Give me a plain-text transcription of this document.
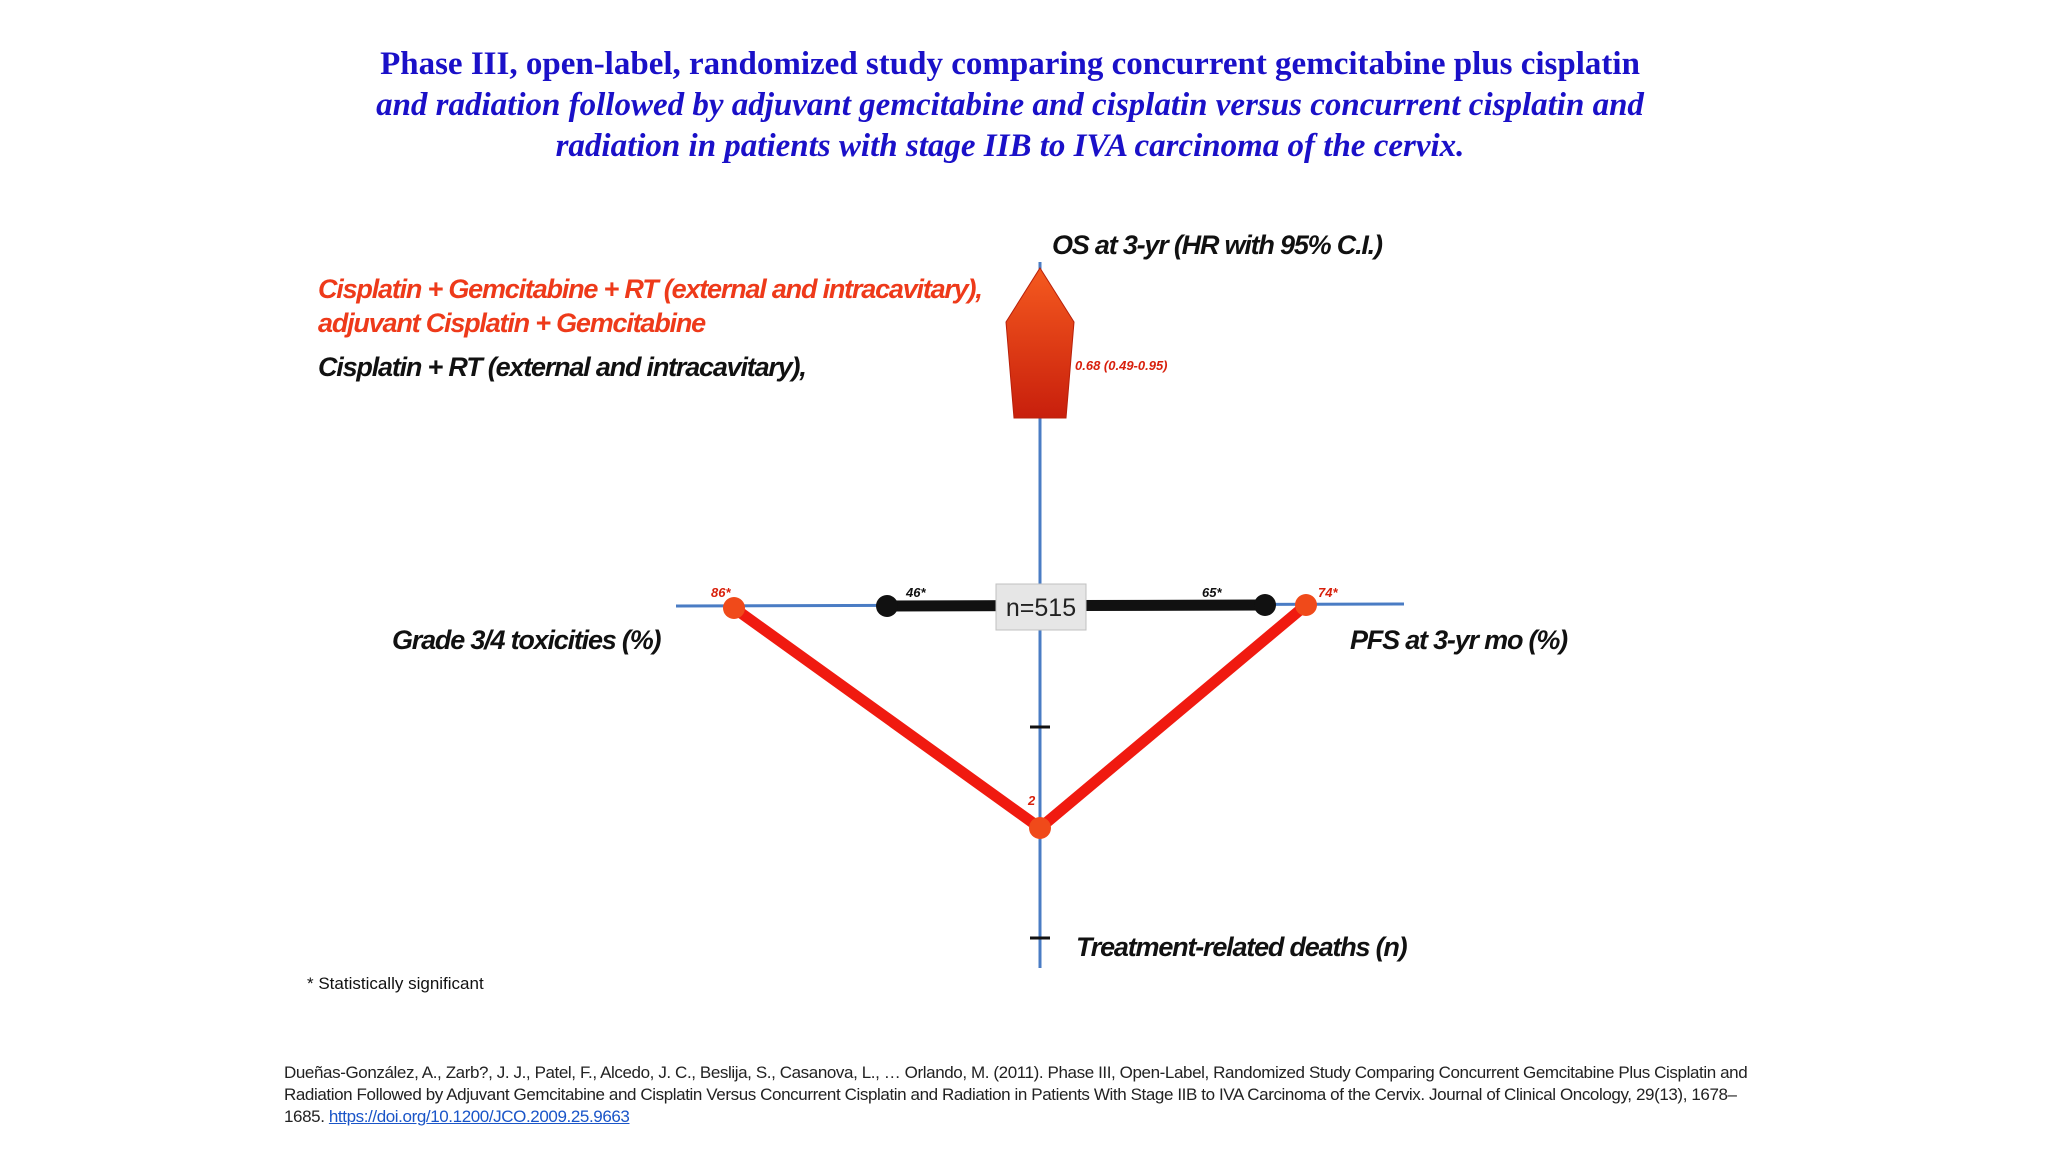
Phase III, open-label, randomized study comparing concurrent gemcitabine plus cisplatin and radiation followed by adjuvant gemcitabine and cisplatin versus concurrent cisplatin and radiation in patients with stage IIB to IVA carcinoma of the cervix.
Cisplatin + Gemcitabine + RT (external and intracavitary),
adjuvant Cisplatin + Gemcitabine
Cisplatin + RT (external and intracavitary),
n=515
0.68 (0.49-0.95)
86*	46*	65*	74*
2
OS at 3-yr (HR with 95% C.I.)
Grade 3/4 toxicities (%)	PFS at 3-yr mo (%)
Treatment-related deaths (n)
* Statistically significant
Dueñas-González, A., Zarb?, J. J., Patel, F., Alcedo, J. C., Beslija, S., Casanova, L., … Orlando, M. (2011). Phase III, Open-Label, Randomized Study Comparing Concurrent Gemcitabine Plus Cisplatin and Radiation Followed by Adjuvant Gemcitabine and Cisplatin Versus Concurrent Cisplatin and Radiation in Patients With Stage IIB to IVA Carcinoma of the Cervix. Journal of Clinical Oncology, 29(13), 1678–1685. https://doi.org/10.1200/JCO.2009.25.9663
